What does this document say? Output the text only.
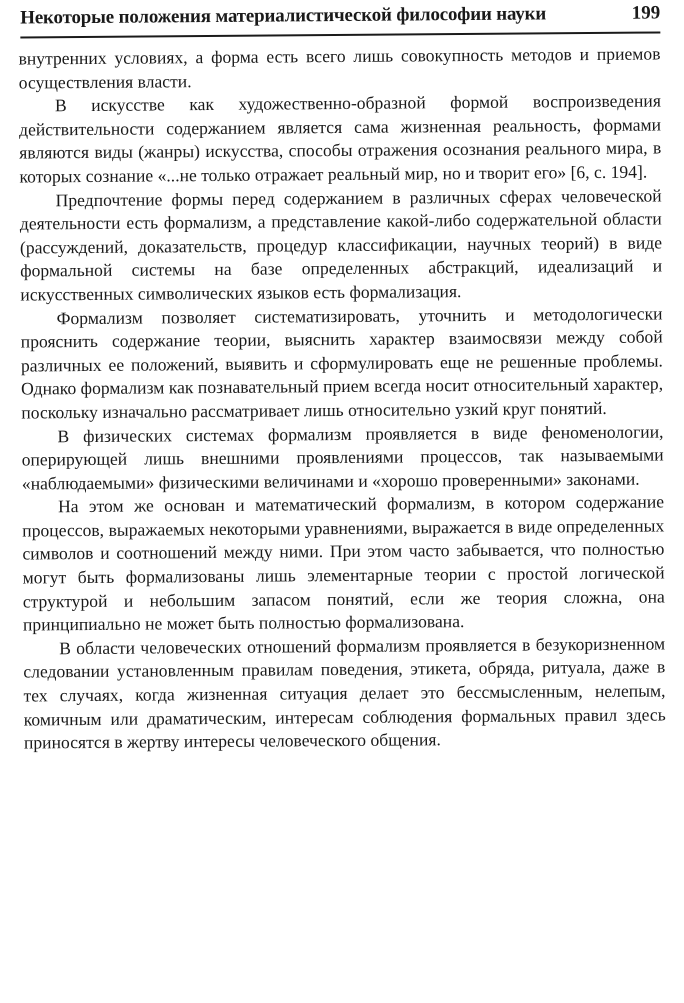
Некоторые положения материалистической философии науки	199

внутренних условиях, а форма есть всего лишь совокупность методов и приемов осуществления власти.

В искусстве как художественно-образной формой воспроизведения действительности содержанием является сама жизненная реальность, формами являются виды (жанры) искусства, способы отражения осознания реального мира, в которых сознание «...не только отражает реальный мир, но и творит его» [6, с. 194].

Предпочтение формы перед содержанием в различных сферах человеческой деятельности есть формализм, а представление какой-либо содержательной области (рассуждений, доказательств, процедур классификации, научных теорий) в виде формальной системы на базе определенных абстракций, идеализаций и искусственных символических языков есть формализация.

Формализм позволяет систематизировать, уточнить и методологически прояснить содержание теории, выяснить характер взаимосвязи между собой различных ее положений, выявить и сформулировать еще не решенные проблемы. Однако формализм как познавательный прием всегда носит относительный характер, поскольку изначально рассматривает лишь относительно узкий круг понятий.

В физических системах формализм проявляется в виде феноменологии, оперирующей лишь внешними проявлениями процессов, так называемыми «наблюдаемыми» физическими величинами и «хорошо проверенными» законами.

На этом же основан и математический формализм, в котором содержание процессов, выражаемых некоторыми уравнениями, выражается в виде определенных символов и соотношений между ними. При этом часто забывается, что полностью могут быть формализованы лишь элементарные теории с простой логической структурой и небольшим запасом понятий, если же теория сложна, она принципиально не может быть полностью формализована.

В области человеческих отношений формализм проявляется в безукоризненном следовании установленным правилам поведения, этикета, обряда, ритуала, даже в тех случаях, когда жизненная ситуация делает это бессмысленным, нелепым, комичным или драматическим, интересам соблюдения формальных правил здесь приносятся в жертву интересы человеческого общения.
